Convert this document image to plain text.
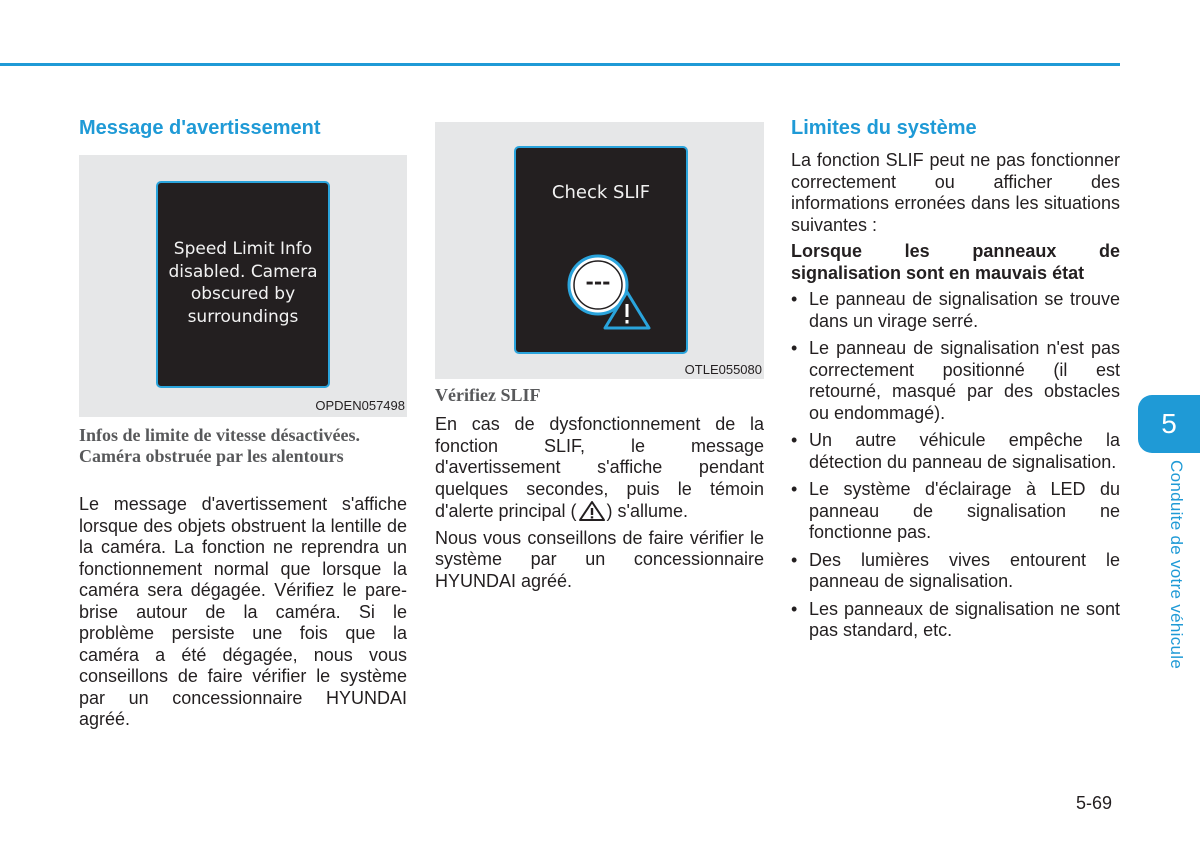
Message d'avertissement
Speed Limit Info
disabled. Camera
obscured by
surroundings
OPDEN057498
Infos de limite de vitesse désactivées. Caméra obstruée par les alentours

Le message d'avertissement s'affiche lorsque des objets obstruent la lentille de la caméra. La fonction ne reprendra un fonctionnement normal que lorsque la caméra sera dégagée. Vérifiez le pare-brise autour de la caméra. Si le problème persiste une fois que la caméra a été dégagée, nous vous conseillons de faire vérifier le système par un concessionnaire HYUNDAI agréé.

Check SLIF
---
OTLE055080
Vérifiez SLIF

En cas de dysfonctionnement de la fonction SLIF, le message d'avertissement s'affiche pendant quelques secondes, puis le témoin d'alerte principal ( ) s'allume.

Nous vous conseillons de faire vérifier le système par un concessionnaire HYUNDAI agréé.

Limites du système

La fonction SLIF peut ne pas fonctionner correctement ou afficher des informations erronées dans les situations suivantes :

Lorsque les panneaux de signalisation sont en mauvais état

• Le panneau de signalisation se trouve dans un virage serré.
• Le panneau de signalisation n'est pas correctement positionné (il est retourné, masqué par des obstacles ou endommagé).
• Un autre véhicule empêche la détection du panneau de signalisation.
• Le système d'éclairage à LED du panneau de signalisation ne fonctionne pas.
• Des lumières vives entourent le panneau de signalisation.
• Les panneaux de signalisation ne sont pas standard, etc.
5
Conduite de votre véhicule
5-69
